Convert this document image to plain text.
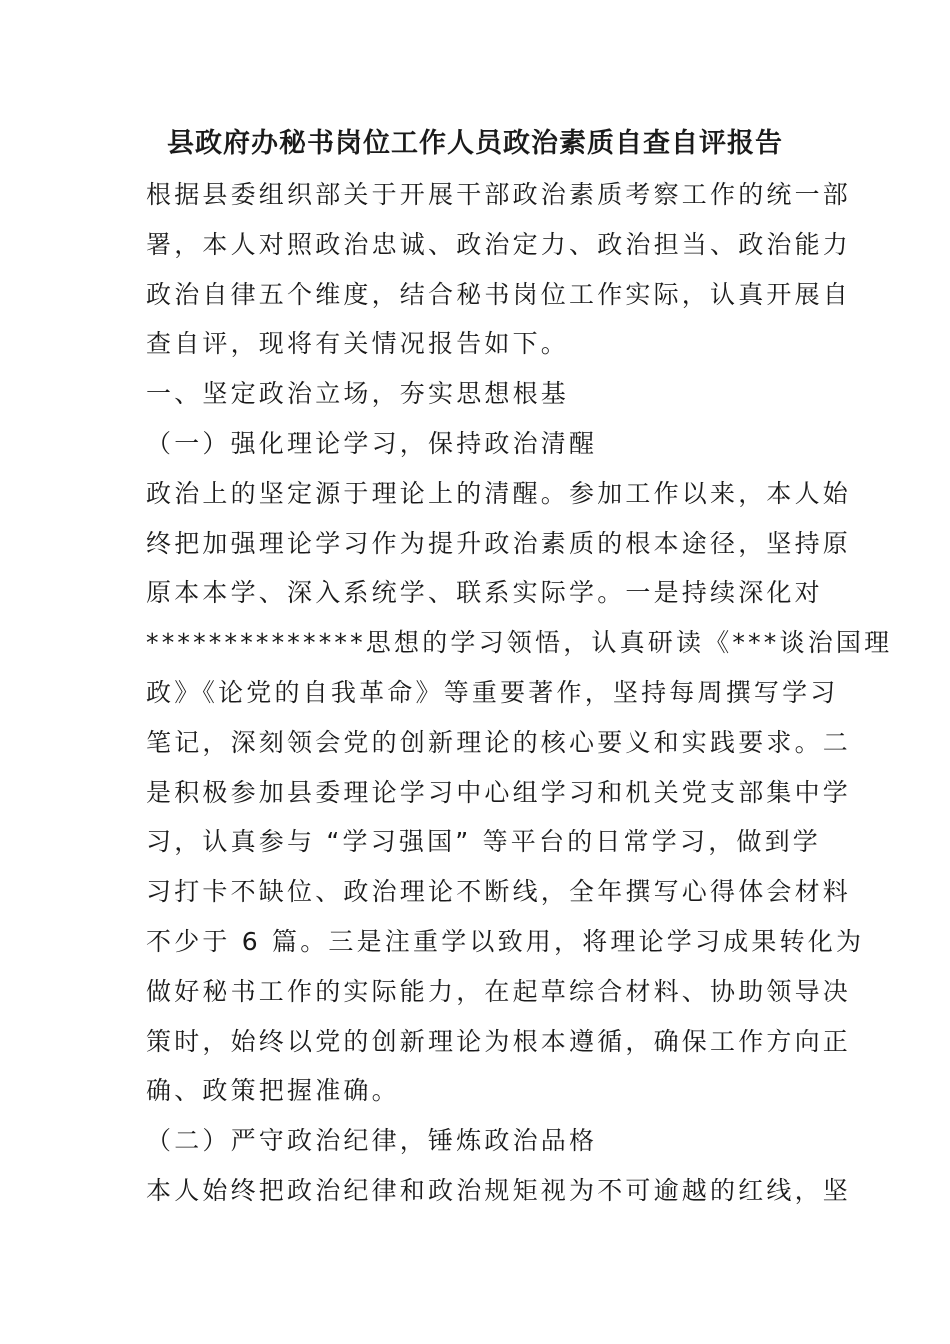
县政府办秘书岗位工作人员政治素质自查自评报告
根据县委组织部关于开展干部政治素质考察工作的统一部
署，本人对照政治忠诚、政治定力、政治担当、政治能力
政治自律五个维度，结合秘书岗位工作实际，认真开展自
查自评，现将有关情况报告如下。
一、坚定政治立场，夯实思想根基
（一）强化理论学习，保持政治清醒
政治上的坚定源于理论上的清醒。参加工作以来，本人始
终把加强理论学习作为提升政治素质的根本途径，坚持原
原本本学、深入系统学、联系实际学。一是持续深化对
**************思想的学习领悟，认真研读《***谈治国理
政》《论党的自我革命》等重要著作，坚持每周撰写学习
笔记，深刻领会党的创新理论的核心要义和实践要求。二
是积极参加县委理论学习中心组学习和机关党支部集中学
习，认真参与 “学习强国” 等平台的日常学习，做到学
习打卡不缺位、政治理论不断线，全年撰写心得体会材料
不少于 6 篇。三是注重学以致用，将理论学习成果转化为
做好秘书工作的实际能力，在起草综合材料、协助领导决
策时，始终以党的创新理论为根本遵循，确保工作方向正
确、政策把握准确。
（二）严守政治纪律，锤炼政治品格
本人始终把政治纪律和政治规矩视为不可逾越的红线，坚
